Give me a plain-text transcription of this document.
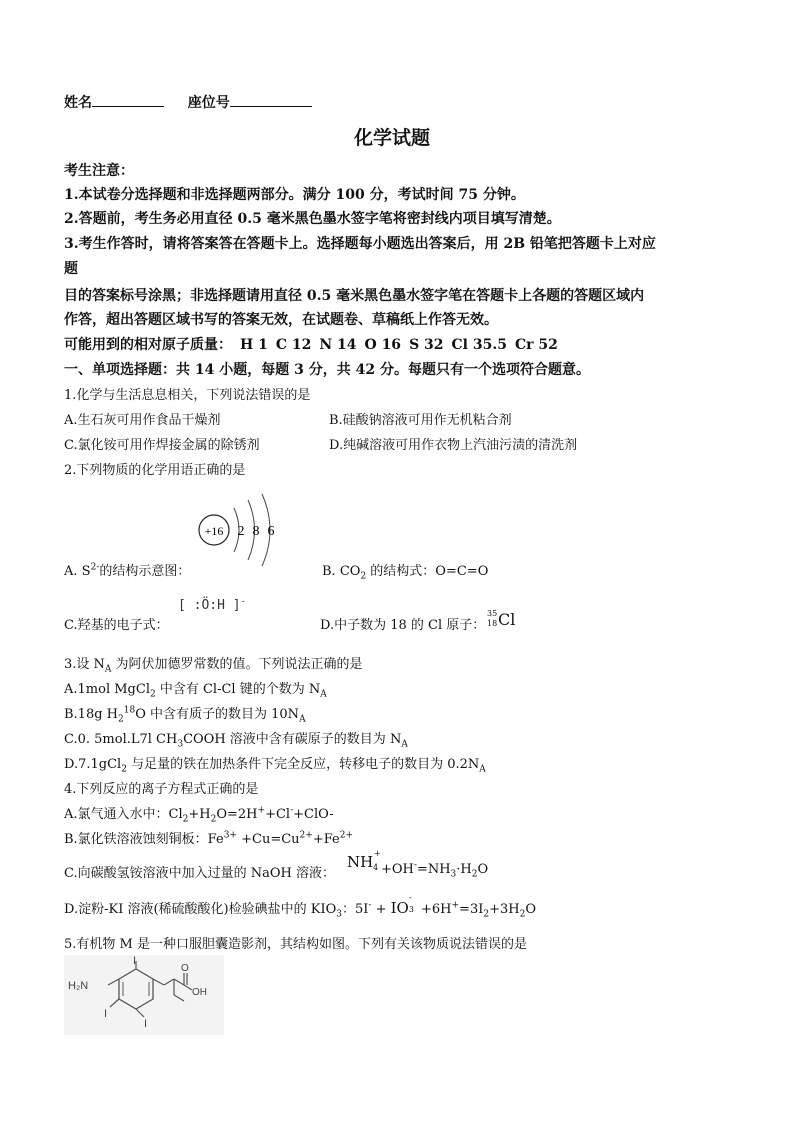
姓名	座位号
化学试题
考生注意：
1.本试卷分选择题和非选择题两部分。满分 100 分，考试时间 75 分钟。
2.答题前，考生务必用直径 0.5 毫米黑色墨水签字笔将密封线内项目填写清楚。
3.考生作答时，请将答案答在答题卡上。选择题每小题选出答案后，用 2B 铅笔把答题卡上对应
题
目的答案标号涂黑；非选择题请用直径 0.5 毫米黑色墨水签字笔在答题卡上各题的答题区域内
作答，超出答题区域书写的答案无效，在试题卷、草稿纸上作答无效。
可能用到的相对原子质量： H 1 C 12 N 14 O 16 S 32 Cl 35.5 Cr 52
一、单项选择题：共 14 小题，每题 3 分，共 42 分。每题只有一个选项符合题意。
1.化学与生活息息相关，下列说法错误的是
A.生石灰可用作食品干燥剂	B.硅酸钠溶液可用作无机粘合剂
C.氯化铵可用作焊接金属的除锈剂	D.纯碱溶液可用作衣物上汽油污渍的清洗剂
2.下列物质的化学用语正确的是
+16 2 8 6
A. $S^{2-}$的结构示意图：	B. $CO_2$ 的结构式：O=C=O
C.羟基的电子式：
[ :Ö:H ]-
D.中子数为 18 的 Cl 原子：
35
18 Cl
3.设 $N_A$ 为阿伏加德罗常数的值。下列说法正确的是
A.1mol MgCl$_2$ 中含有 Cl-Cl 键的个数为 $N_A$
B.18g $H_2^{18}O$ 中含有质子的数目为 $10N_A$
C.0. 5mol.L7l $CH_3COOH$ 溶液中含有碳原子的数目为 $N_A$
D.7.1gCl$_2$ 与足量的铁在加热条件下完全反应，转移电子的数目为 $0.2N_A$
4.下列反应的离子方程式正确的是
A.氯气通入水中：$Cl_2+H_2O=2H^++Cl^-+ClO-$
B.氯化铁溶液蚀刻铜板：$Fe^{3+} +Cu=Cu^{2+}+Fe^{2+}$
C.向碳酸氢铵溶液中加入过量的 NaOH 溶液：
NH +
$4 +OH^-=NH_3\cdot H_2O$
D.淀粉-KI 溶液(稀硫酸酸化)检验碘盐中的 $KIO_3$：5I- + IO
-
$3 +6H^+=3I_2+3H_2O$
5.有机物 M 是一种口服胆囊造影剂，其结构如图。下列有关该物质说法错误的是
H₂N
I
I
I
O
OH
